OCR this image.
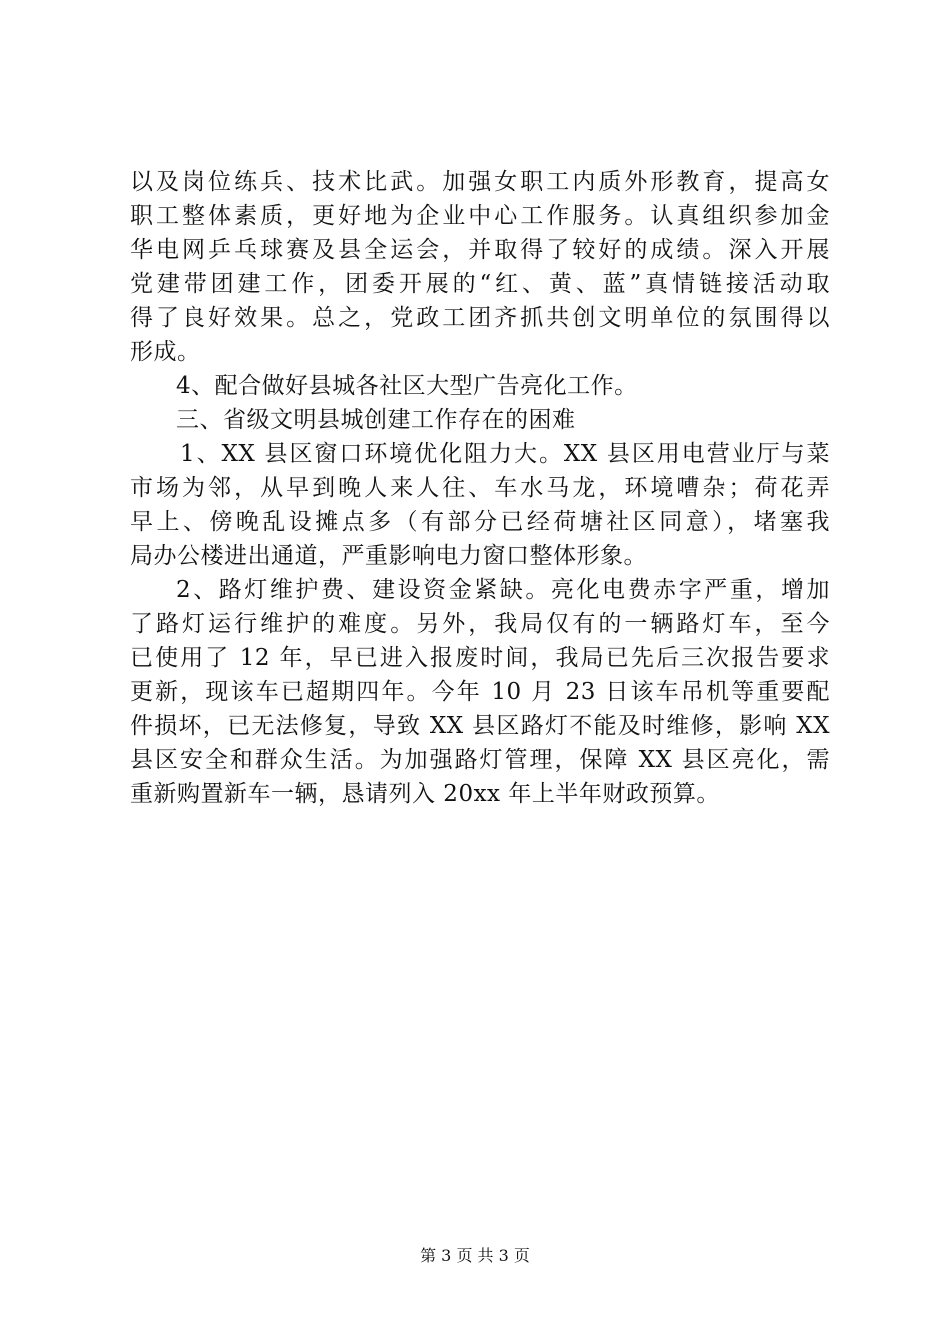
以及岗位练兵、技术比武。加强女职工内质外形教育，提高女
职工整体素质，更好地为企业中心工作服务。认真组织参加金
华电网乒乓球赛及县全运会，并取得了较好的成绩。深入开展
党建带团建工作，团委开展的“红、黄、蓝”真情链接活动取
得了良好效果。总之，党政工团齐抓共创文明单位的氛围得以
形成。
4、配合做好县城各社区大型广告亮化工作。
三、省级文明县城创建工作存在的困难
1、XX 县区窗口环境优化阻力大。XX 县区用电营业厅与菜
市场为邻，从早到晚人来人往、车水马龙，环境嘈杂；荷花弄
早上、傍晚乱设摊点多（有部分已经荷塘社区同意），堵塞我
局办公楼进出通道，严重影响电力窗口整体形象。
2、路灯维护费、建设资金紧缺。亮化电费赤字严重，增加
了路灯运行维护的难度。另外，我局仅有的一辆路灯车，至今
已使用了 12 年，早已进入报废时间，我局已先后三次报告要求
更新，现该车已超期四年。今年 10 月 23 日该车吊机等重要配
件损坏，已无法修复，导致 XX 县区路灯不能及时维修，影响 XX
县区安全和群众生活。为加强路灯管理，保障 XX 县区亮化，需
重新购置新车一辆，恳请列入 20xx 年上半年财政预算。
第 3 页 共 3 页
